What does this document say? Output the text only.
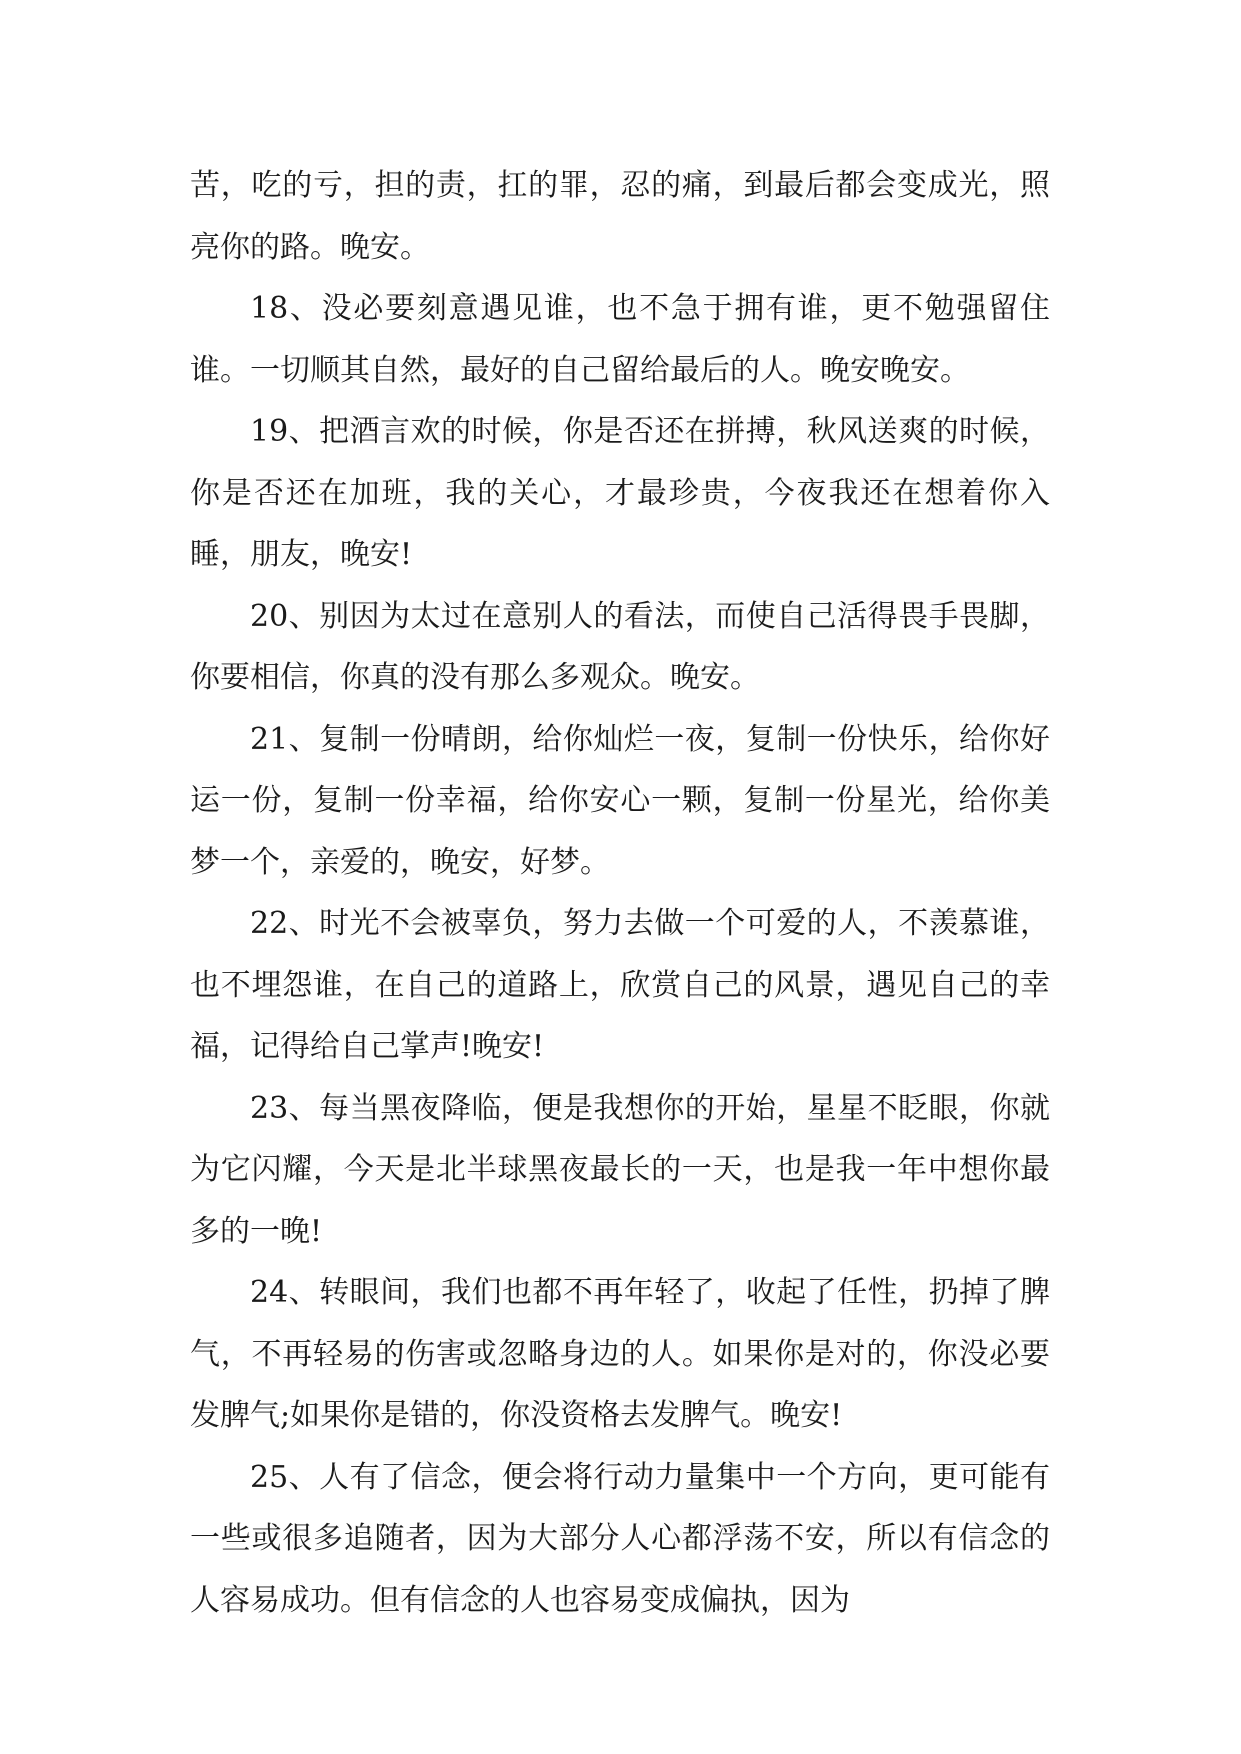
苦，吃的亏，担的责，扛的罪，忍的痛，到最后都会变成光，照亮你的路。晚安。

18、没必要刻意遇见谁，也不急于拥有谁，更不勉强留住谁。一切顺其自然，最好的自己留给最后的人。晚安晚安。

19、把酒言欢的时候，你是否还在拼搏，秋风送爽的时候，你是否还在加班，我的关心，才最珍贵，今夜我还在想着你入睡，朋友，晚安!

20、别因为太过在意别人的看法，而使自己活得畏手畏脚，你要相信，你真的没有那么多观众。晚安。

21、复制一份晴朗，给你灿烂一夜，复制一份快乐，给你好运一份，复制一份幸福，给你安心一颗，复制一份星光，给你美梦一个，亲爱的，晚安，好梦。

22、时光不会被辜负，努力去做一个可爱的人，不羡慕谁，也不埋怨谁，在自己的道路上，欣赏自己的风景，遇见自己的幸福，记得给自己掌声!晚安!

23、每当黑夜降临，便是我想你的开始，星星不眨眼，你就为它闪耀，今天是北半球黑夜最长的一天，也是我一年中想你最多的一晚!

24、转眼间，我们也都不再年轻了，收起了任性，扔掉了脾气，不再轻易的伤害或忽略身边的人。如果你是对的，你没必要发脾气;如果你是错的，你没资格去发脾气。晚安!

25、人有了信念，便会将行动力量集中一个方向，更可能有一些或很多追随者，因为大部分人心都浮荡不安，所以有信念的人容易成功。但有信念的人也容易变成偏执，因为
